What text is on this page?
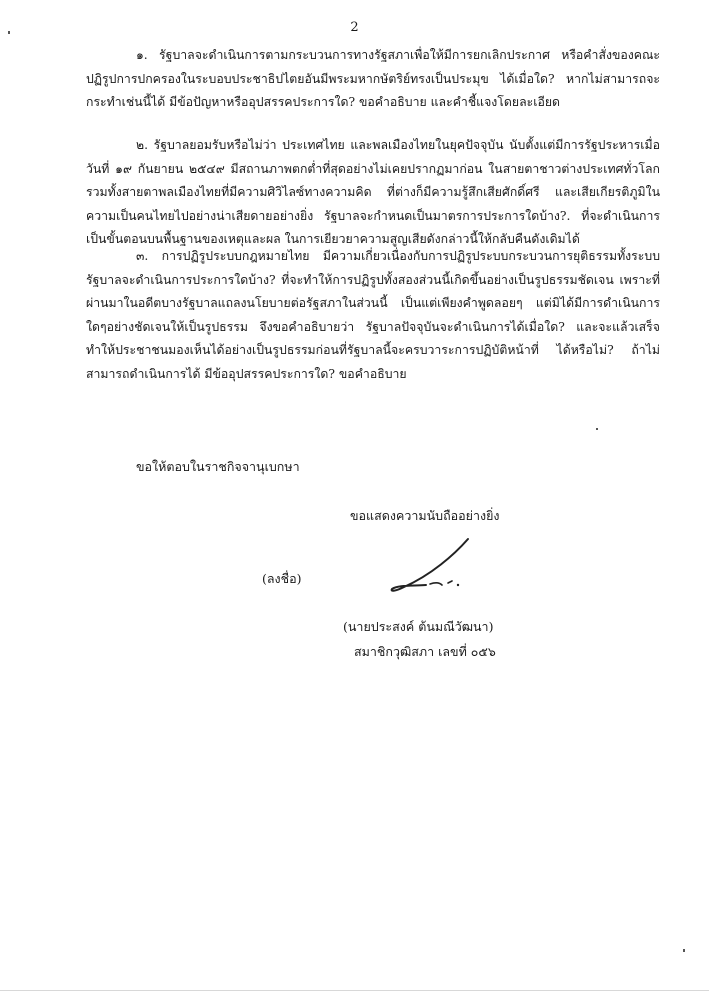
2

๑. รัฐบาลจะดำเนินการตามกระบวนการทางรัฐสภาเพื่อให้มีการยกเลิกประกาศ หรือคำสั่งของคณะปฏิรูปการปกครองในระบอบประชาธิปไตยอันมีพระมหากษัตริย์ทรงเป็นประมุข ได้เมื่อใด? หากไม่สามารถจะกระทำเช่นนี้ได้ มีข้อปัญหาหรืออุปสรรคประการใด? ขอคำอธิบาย และคำชี้แจงโดยละเอียด

๒. รัฐบาลยอมรับหรือไม่ว่า ประเทศไทย และพลเมืองไทยในยุคปัจจุบัน นับตั้งแต่มีการรัฐประหารเมื่อวันที่ ๑๙ กันยายน ๒๕๔๙ มีสถานภาพตกต่ำที่สุดอย่างไม่เคยปรากฏมาก่อน ในสายตาชาวต่างประเทศทั่วโลก รวมทั้งสายตาพลเมืองไทยที่มีความศิวิไลซ์ทางความคิด ที่ต่างก็มีความรู้สึกเสียศักดิ์ศรี และเสียเกียรติภูมิในความเป็นคนไทยไปอย่างน่าเสียดายอย่างยิ่ง รัฐบาลจะกำหนดเป็นมาตรการประการใดบ้าง?. ที่จะดำเนินการเป็นขั้นตอนบนพื้นฐานของเหตุและผล ในการเยียวยาความสูญเสียดังกล่าวนี้ให้กลับคืนดังเดิมได้

๓. การปฏิรูประบบกฎหมายไทย มีความเกี่ยวเนื่องกับการปฏิรูประบบกระบวนการยุติธรรมทั้งระบบ รัฐบาลจะดำเนินการประการใดบ้าง? ที่จะทำให้การปฏิรูปทั้งสองส่วนนี้เกิดขึ้นอย่างเป็นรูปธรรมชัดเจน เพราะที่ผ่านมาในอดีตบางรัฐบาลแถลงนโยบายต่อรัฐสภาในส่วนนี้ เป็นแต่เพียงคำพูดลอยๆ แต่มิได้มีการดำเนินการใดๆอย่างชัดเจนให้เป็นรูปธรรม จึงขอคำอธิบายว่า รัฐบาลปัจจุบันจะดำเนินการได้เมื่อใด? และจะแล้วเสร็จทำให้ประชาชนมองเห็นได้อย่างเป็นรูปธรรมก่อนที่รัฐบาลนี้จะครบวาระการปฏิบัติหน้าที่ ได้หรือไม่? ถ้าไม่สามารถดำเนินการได้ มีข้ออุปสรรคประการใด? ขอคำอธิบาย

ขอให้ตอบในราชกิจจานุเบกษา
ขอแสดงความนับถืออย่างยิ่ง
(ลงชื่อ)
(นายประสงค์ ต้นมณีวัฒนา)
สมาชิกวุฒิสภา เลขที่ ๐๕๖
